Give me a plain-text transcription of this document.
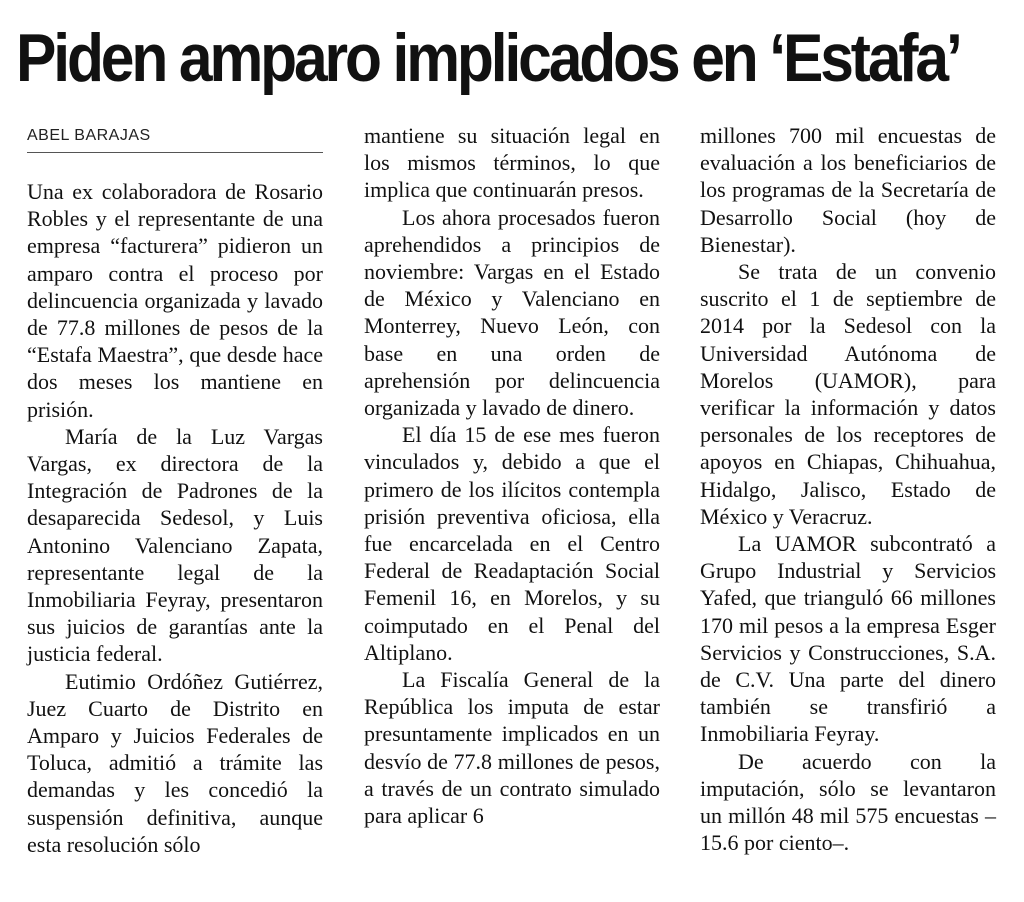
Piden amparo implicados en ‘Estafa’

ABEL BARAJAS

Una ex colaboradora de Rosario Robles y el representante de una empresa “facturera” pidieron un amparo contra el proceso por delincuencia organizada y lavado de 77.8 millones de pesos de la “Estafa Maestra”, que desde hace dos meses los mantiene en prisión.

María de la Luz Vargas Vargas, ex directora de la Integración de Padrones de la desaparecida Sedesol, y Luis Antonino Valenciano Zapata, representante legal de la Inmobiliaria Feyray, presentaron sus juicios de garantías ante la justicia federal.

Eutimio Ordóñez Gutiérrez, Juez Cuarto de Distrito en Amparo y Juicios Federales de Toluca, admitió a trámite las demandas y les concedió la suspensión definitiva, aunque esta resolución sólo

mantiene su situación legal en los mismos términos, lo que implica que continuarán presos.

Los ahora procesados fueron aprehendidos a principios de noviembre: Vargas en el Estado de México y Valenciano en Monterrey, Nuevo León, con base en una orden de aprehensión por delincuencia organizada y lavado de dinero.

El día 15 de ese mes fueron vinculados y, debido a que el primero de los ilícitos contempla prisión preventiva oficiosa, ella fue encarcelada en el Centro Federal de Readaptación Social Femenil 16, en Morelos, y su coimputado en el Penal del Altiplano.

La Fiscalía General de la República los imputa de estar presuntamente implicados en un desvío de 77.8 millones de pesos, a través de un contrato simulado para aplicar 6

millones 700 mil encuestas de evaluación a los beneficiarios de los programas de la Secretaría de Desarrollo Social (hoy de Bienestar).

Se trata de un convenio suscrito el 1 de septiembre de 2014 por la Sedesol con la Universidad Autónoma de Morelos (UAMOR), para verificar la información y datos personales de los receptores de apoyos en Chiapas, Chihuahua, Hidalgo, Jalisco, Estado de México y Veracruz.

La UAMOR subcontrató a Grupo Industrial y Servicios Yafed, que trianguló 66 millones 170 mil pesos a la empresa Esger Servicios y Construcciones, S.A. de C.V. Una parte del dinero también se transfirió a Inmobiliaria Feyray.

De acuerdo con la imputación, sólo se levantaron un millón 48 mil 575 encuestas –15.6 por ciento–.
